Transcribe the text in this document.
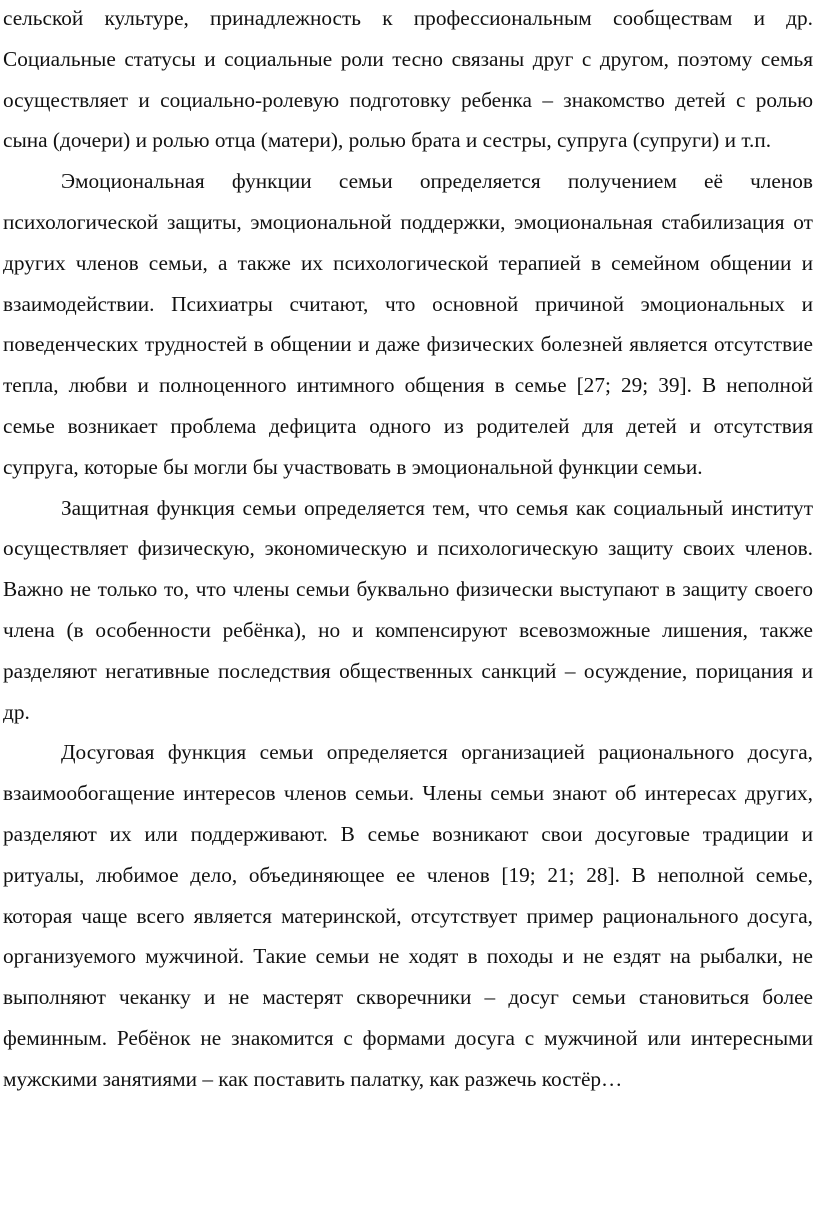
сельской культуре, принадлежность к профессиональным сообществам и др. Социальные статусы и социальные роли тесно связаны друг с другом, поэтому семья осуществляет и социально-ролевую подготовку ребенка – знакомство детей с ролью сына (дочери) и ролью отца (матери), ролью брата и сестры, супруга (супруги) и т.п.

Эмоциональная функции семьи определяется получением её членов психологической защиты, эмоциональной поддержки, эмоциональная стабилизация от других членов семьи, а также их психологической терапией в семейном общении и взаимодействии. Психиатры считают, что основной причиной эмоциональных и поведенческих трудностей в общении и даже физических болезней является отсутствие тепла, любви и полноценного интимного общения в семье [27; 29; 39]. В неполной семье возникает проблема дефицита одного из родителей для детей и отсутствия супруга, которые бы могли бы участвовать в эмоциональной функции семьи.

Защитная функция семьи определяется тем, что семья как социальный институт осуществляет физическую, экономическую и психологическую защиту своих членов. Важно не только то, что члены семьи буквально физически выступают в защиту своего члена (в особенности ребёнка), но и компенсируют всевозможные лишения, также разделяют негативные последствия общественных санкций – осуждение, порицания и др.

Досуговая функция семьи определяется организацией рационального досуга, взаимообогащение интересов членов семьи. Члены семьи знают об интересах других, разделяют их или поддерживают. В семье возникают свои досуговые традиции и ритуалы, любимое дело, объединяющее ее членов [19; 21; 28]. В неполной семье, которая чаще всего является материнской, отсутствует пример рационального досуга, организуемого мужчиной. Такие семьи не ходят в походы и не ездят на рыбалки, не выполняют чеканку и не мастерят скворечники – досуг семьи становиться более феминным. Ребёнок не знакомится с формами досуга с мужчиной или интересными мужскими занятиями – как поставить палатку, как разжечь костёр…
